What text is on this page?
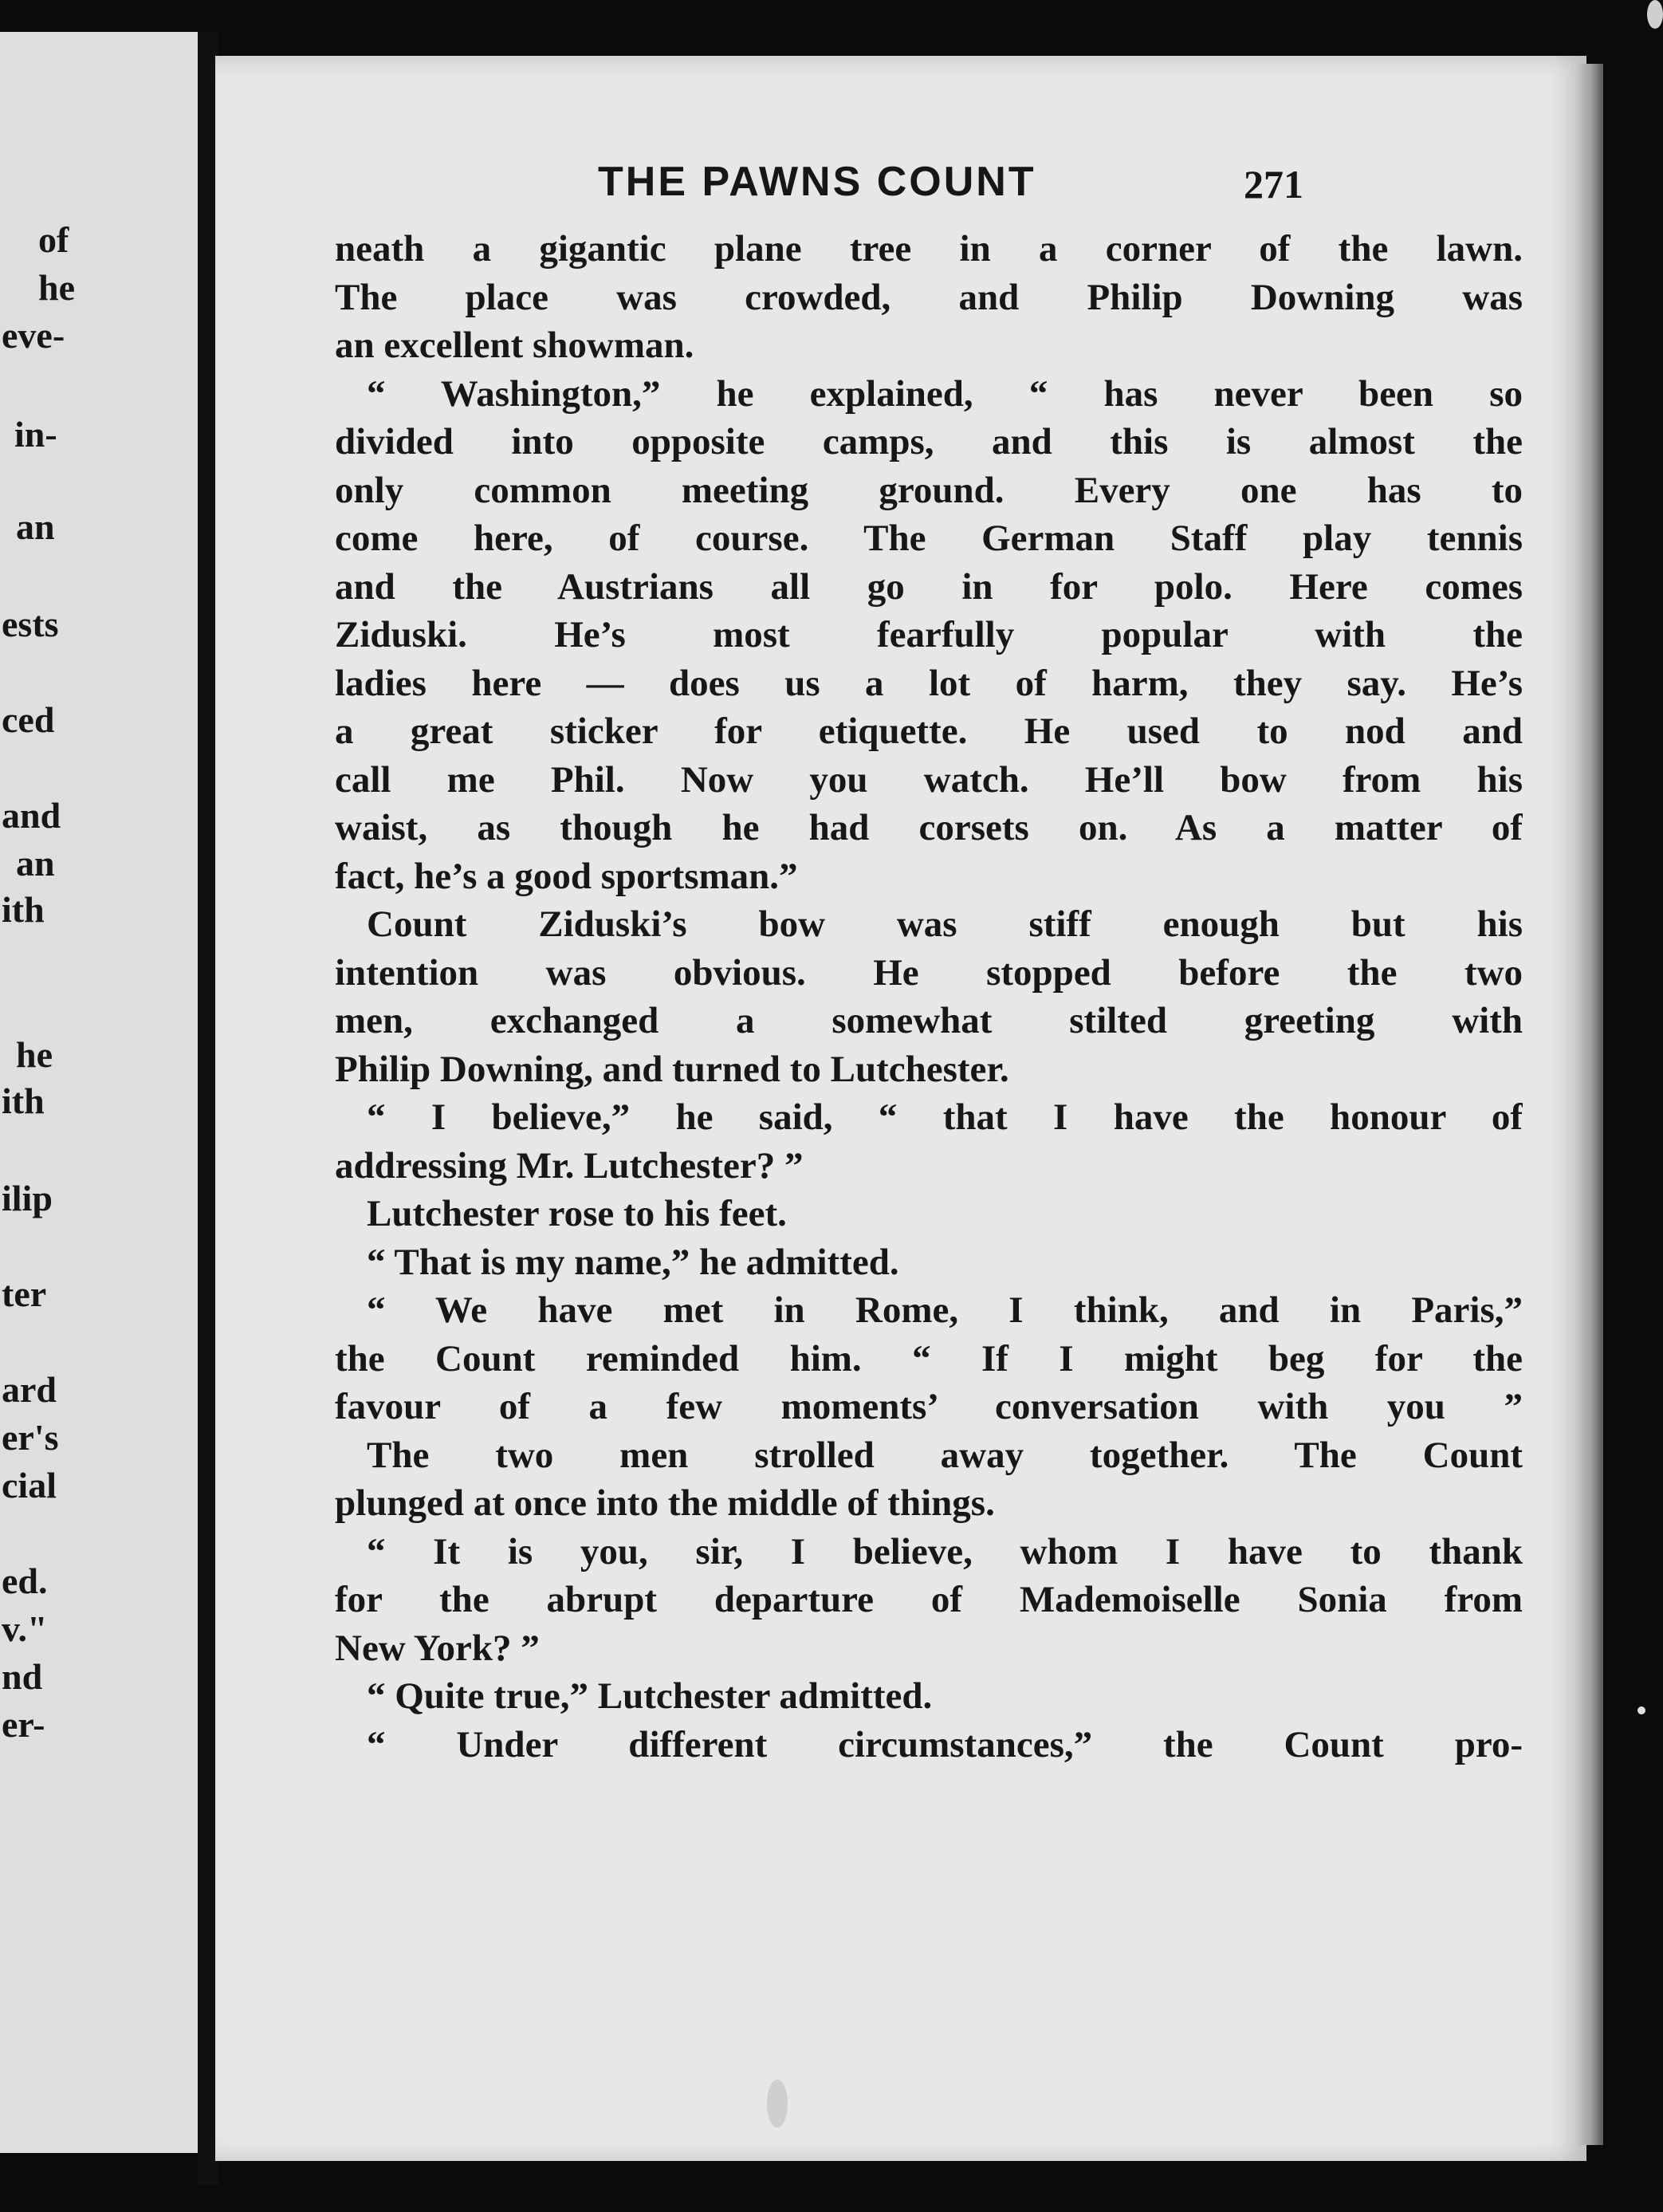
of
he
eve-
in-
an
ests
ced
and
an
ith
he
ith
ilip
ter
ard
er's
cial
ed.
v."
nd
er-
THE PAWNS COUNT	271
neath a gigantic plane tree in a corner of the lawn.
The place was crowded, and Philip Downing was
an excellent showman.
“ Washington,” he explained, “ has never been so
divided into opposite camps, and this is almost the
only common meeting ground. Every one has to
come here, of course. The German Staff play tennis
and the Austrians all go in for polo. Here comes
Ziduski. He’s most fearfully popular with the
ladies here — does us a lot of harm, they say. He’s
a great sticker for etiquette. He used to nod and
call me Phil. Now you watch. He’ll bow from his
waist, as though he had corsets on. As a matter of
fact, he’s a good sportsman.”
Count Ziduski’s bow was stiff enough but his
intention was obvious. He stopped before the two
men, exchanged a somewhat stilted greeting with
Philip Downing, and turned to Lutchester.
“ I believe,” he said, “ that I have the honour of
addressing Mr. Lutchester? ”
Lutchester rose to his feet.
“ That is my name,” he admitted.
“ We have met in Rome, I think, and in Paris,”
the Count reminded him. “ If I might beg for the
favour of a few moments’ conversation with you ”
The two men strolled away together. The Count
plunged at once into the middle of things.
“ It is you, sir, I believe, whom I have to thank
for the abrupt departure of Mademoiselle Sonia from
New York? ”
“ Quite true,” Lutchester admitted.
“ Under different circumstances,” the Count pro-
